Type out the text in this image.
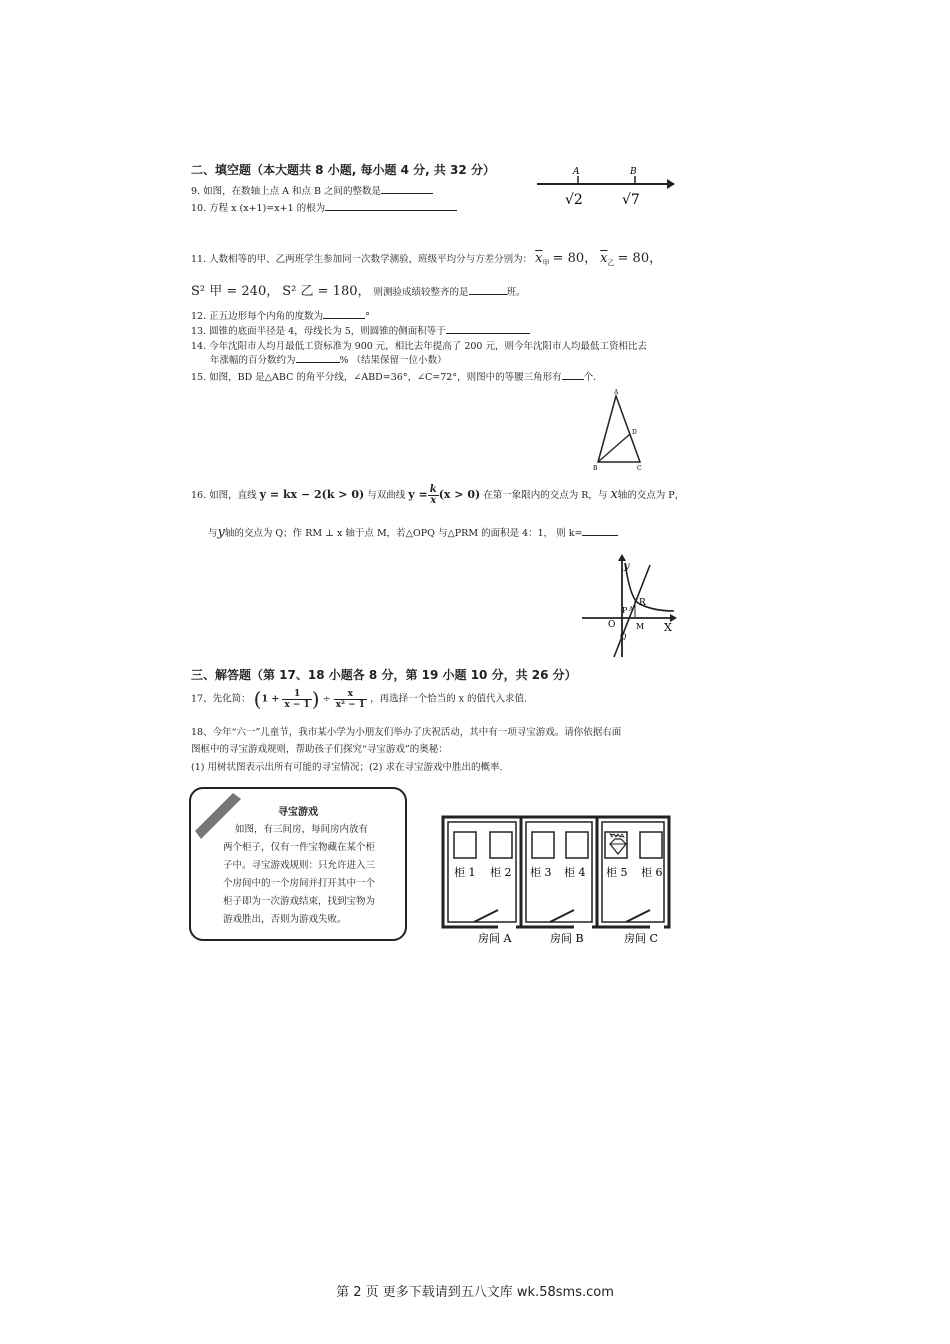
二、填空题（本大题共 8 小题, 每小题 4 分, 共 32 分）
9. 如图，在数轴上点 A 和点 B 之间的整数是
A	B
√2	√7
10. 方程 x (x+1)=x+1 的根为
11. 人数相等的甲、乙两班学生参加同一次数学测验，班级平均分与方差分别为： $\overline{x}_甲 = 80$， $\overline{x}_乙 = 80$，
S² 甲 = 240， S² 乙 = 180， 则测验成绩较整齐的是	班。
12. 正五边形每个内角的度数为	°
13. 圆锥的底面半径是 4，母线长为 5，则圆锥的侧面积等于
14. 今年沈阳市人均月最低工资标准为 900 元，相比去年提高了 200 元，则今年沈阳市人均最低工资相比去
年涨幅的百分数约为	% （结果保留一位小数）
15. 如图，BD 是△ABC 的角平分线，∠ABD=36°，∠C=72°，则图中的等腰三角形有 个.
A
B	C
D
16. 如图，直线 y = kx − 2(k > 0) 与双曲线 $y = \frac{k}{x} (x > 0)$ 在第一象限内的交点为 R，与 x轴的交点为 P，
与y轴的交点为 Q；作 RM ⊥ x 轴于点 M，若△OPQ 与△PRM 的面积是 4：1， 则 k=
y
X
O
P A
R
M
Q
三、解答题（第 17、18 小题各 8 分，第 19 小题 10 分，共 26 分）
17、先化简： ($1 + \frac{1}{x - 1}$ ) ÷ $\frac{x}{\text{x² − 1}}$ ，再选择一个恰当的 x 的值代入求值.
18、今年“六一”儿童节，我市某小学为小朋友们举办了庆祝活动，其中有一项寻宝游戏。请你依据右面
图框中的寻宝游戏规则，帮助孩子们探究“寻宝游戏”的奥秘：
(1) 用树状图表示出所有可能的寻宝情况；(2) 求在寻宝游戏中胜出的概率.
寻宝游戏
如图，有三间房，每间房内放有
两个柜子，仅有一件宝物藏在某个柜
子中。寻宝游戏规则：只允许进入三
个房间中的一个房间并打开其中一个
柜子即为一次游戏结束，找到宝物为
游戏胜出，否则为游戏失败。
柜 1 柜 2 柜 3 柜 4 柜 5 柜 6
房间 A	房间 B	房间 C
第 2 页 更多下载请到五八文库 wk.58sms.com
